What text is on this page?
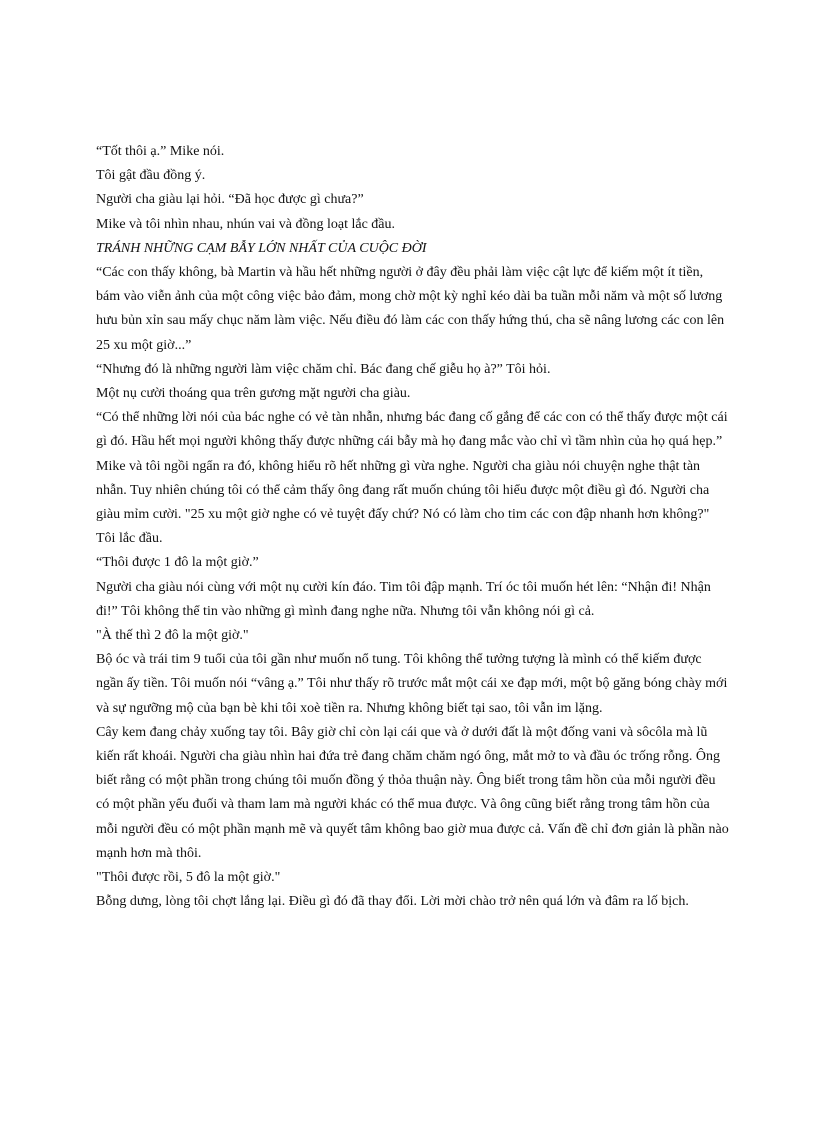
“Tốt thôi ạ.” Mike nói.

Tôi gật đầu đồng ý.

Người cha giàu lại hỏi. “Đã học được gì chưa?”

Mike và tôi nhìn nhau, nhún vai và đồng loạt lắc đầu.

TRÁNH NHỮNG CẠM BẪY LỚN NHẤT CỦA CUỘC ĐỜI

“Các con thấy không, bà Martin và hầu hết những người ở đây đều phải làm việc cật lực để kiếm một ít tiền, bám vào viễn ảnh của một công việc bảo đảm, mong chờ một kỳ nghỉ kéo dài ba tuần mỗi năm và một số lương hưu bủn xỉn sau mấy chục năm làm việc. Nếu điều đó làm các con thấy hứng thú, cha sẽ nâng lương các con lên 25 xu một giờ...”

“Nhưng đó là những người làm việc chăm chỉ. Bác đang chế giễu họ à?” Tôi hỏi.

Một nụ cười thoáng qua trên gương mặt người cha giàu.

“Có thể những lời nói của bác nghe có vẻ tàn nhẫn, nhưng bác đang cố gắng để các con có thể thấy được một cái gì đó. Hầu hết mọi người không thấy được những cái bẫy mà họ đang mắc vào chỉ vì tầm nhìn của họ quá hẹp.”

Mike và tôi ngồi ngẩn ra đó, không hiểu rõ hết những gì vừa nghe. Người cha giàu nói chuyện nghe thật tàn nhẫn. Tuy nhiên chúng tôi có thể cảm thấy ông đang rất muốn chúng tôi hiểu được một điều gì đó. Người cha giàu mỉm cười. "25 xu một giờ nghe có vẻ tuyệt đấy chứ? Nó có làm cho tim các con đập nhanh hơn không?"

Tôi lắc đầu.

“Thôi được 1 đô la một giờ.”

Người cha giàu nói cùng với một nụ cười kín đáo. Tim tôi đập mạnh. Trí óc tôi muốn hét lên: “Nhận đi! Nhận đi!” Tôi không thể tin vào những gì mình đang nghe nữa. Nhưng tôi vẫn không nói gì cả.

"À thế thì 2 đô la một giờ."

Bộ óc và trái tim 9 tuổi của tôi gần như muốn nổ tung. Tôi không thể tưởng tượng là mình có thể kiếm được ngần ấy tiền. Tôi muốn nói “vâng ạ.” Tôi như thấy rõ trước mắt một cái xe đạp mới, một bộ găng bóng chày mới và sự ngưỡng mộ của bạn bè khi tôi xoè tiền ra. Nhưng không biết tại sao, tôi vẫn im lặng.

Cây kem đang chảy xuống tay tôi. Bây giờ chỉ còn lại cái que và ở dưới đất là một đống vani và sôcôla mà lũ kiến rất khoái. Người cha giàu nhìn hai đứa trẻ đang chăm chăm ngó ông, mắt mở to và đầu óc trống rỗng. Ông biết rằng có một phần trong chúng tôi muốn đồng ý thỏa thuận này. Ông biết trong tâm hồn của mỗi người đều có một phần yếu đuối và tham lam mà người khác có thể mua được. Và ông cũng biết rằng trong tâm hồn của mỗi người đều có một phần mạnh mẽ và quyết tâm không bao giờ mua được cả. Vấn đề chỉ đơn giản là phần nào mạnh hơn mà thôi.

"Thôi được rồi, 5 đô la một giờ."

Bỗng dưng, lòng tôi chợt lắng lại. Điều gì đó đã thay đổi. Lời mời chào trở nên quá lớn và đâm ra lố bịch.
